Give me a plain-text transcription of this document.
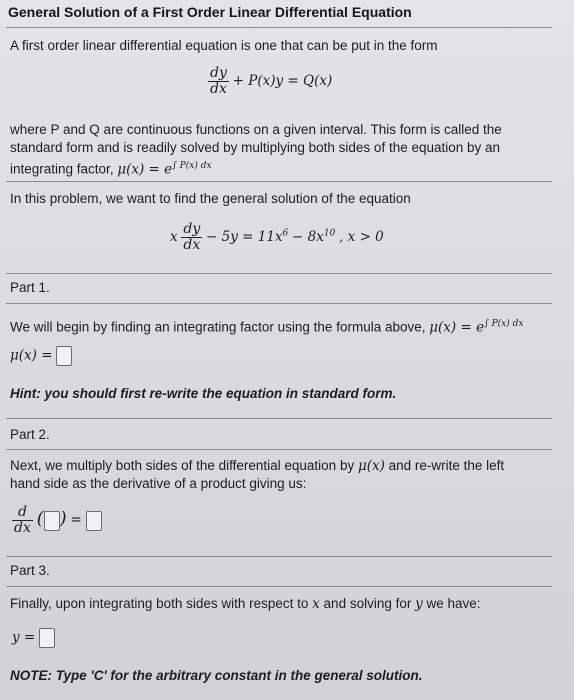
General Solution of a First Order Linear Differential Equation
A first order linear differential equation is one that can be put in the form
$\frac{dy}{dx} + P(x)y = Q(x)$
where P and Q are continuous functions on a given interval. This form is called the
standard form and is readily solved by multiplying both sides of the equation by an
integrating factor, $\mu(x) = e^{\int P(x) dx}$
In this problem, we want to find the general solution of the equation
x $\frac{dy}{dx} - 5y = 11x^6 - 8x^{10}$ , x > 0
Part 1.
We will begin by finding an integrating factor using the formula above, $\mu(x) = e^{\int P(x) dx}$
μ(x) =
Hint: you should first re-write the equation in standard form.
Part 2.
Next, we multiply both sides of the differential equation by μ(x) and re-write the left
hand side as the derivative of a product giving us:
$\frac{d}{dx}$ ( ) =
Part 3.
Finally, upon integrating both sides with respect to x and solving for y we have:
y =
NOTE: Type 'C' for the arbitrary constant in the general solution.
